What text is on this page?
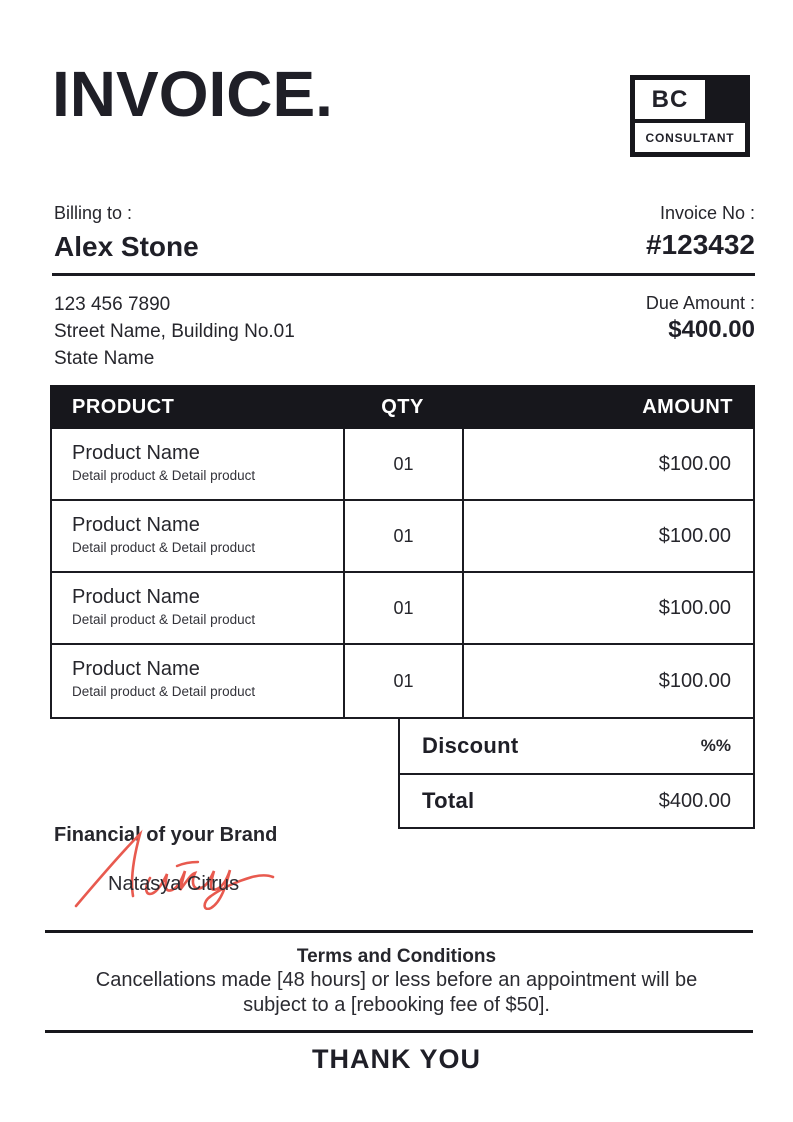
INVOICE.	BC
CONSULTANT
Billing to :
Alex Stone
Invoice No :
#123432
123 456 7890
Street Name, Building No.01
State Name
Due Amount :
$400.00
PRODUCT	QTY	AMOUNT
Product Name
Detail product & Detail product
01	$100.00
Product Name
Detail product & Detail product
01	$100.00
Product Name
Detail product & Detail product
01	$100.00
Product Name
Detail product & Detail product
01	$100.00
Discount	%%
Total	$400.00
Financial of your Brand
Natasya Citrus
Terms and Conditions
Cancellations made [48 hours] or less before an appointment will be
subject to a [rebooking fee of $50].
THANK YOU
